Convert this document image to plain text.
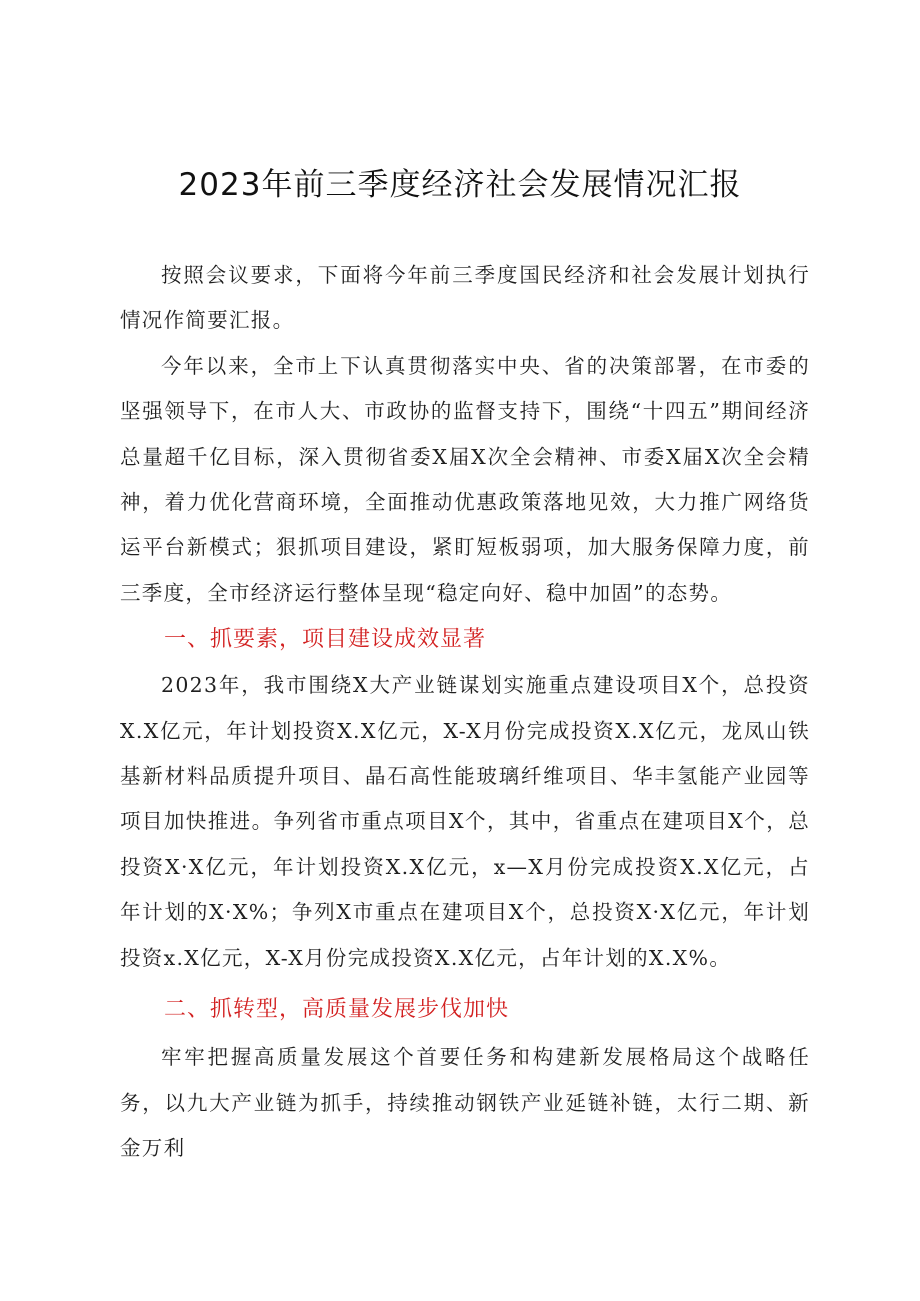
2023年前三季度经济社会发展情况汇报

按照会议要求，下面将今年前三季度国民经济和社会发展计划执行情况作简要汇报。

今年以来，全市上下认真贯彻落实中央、省的决策部署，在市委的坚强领导下，在市人大、市政协的监督支持下，围绕“十四五”期间经济总量超千亿目标，深入贯彻省委X届X次全会精神、市委X届X次全会精神，着力优化营商环境，全面推动优惠政策落地见效，大力推广网络货运平台新模式；狠抓项目建设，紧盯短板弱项，加大服务保障力度，前三季度，全市经济运行整体呈现“稳定向好、稳中加固”的态势。

一、抓要素，项目建设成效显著

2023年，我市围绕X大产业链谋划实施重点建设项目X个，总投资X.X亿元，年计划投资X.X亿元，X-X月份完成投资X.X亿元，龙凤山铁基新材料品质提升项目、晶石高性能玻璃纤维项目、华丰氢能产业园等项目加快推进。争列省市重点项目X个，其中，省重点在建项目X个，总投资X·X亿元，年计划投资X.X亿元，x—X月份完成投资X.X亿元，占年计划的X·X%；争列X市重点在建项目X个，总投资X·X亿元，年计划投资x.X亿元，X-X月份完成投资X.X亿元，占年计划的X.X%。

二、抓转型，高质量发展步伐加快

牢牢把握高质量发展这个首要任务和构建新发展格局这个战略任务，以九大产业链为抓手，持续推动钢铁产业延链补链，太行二期、新金万利
